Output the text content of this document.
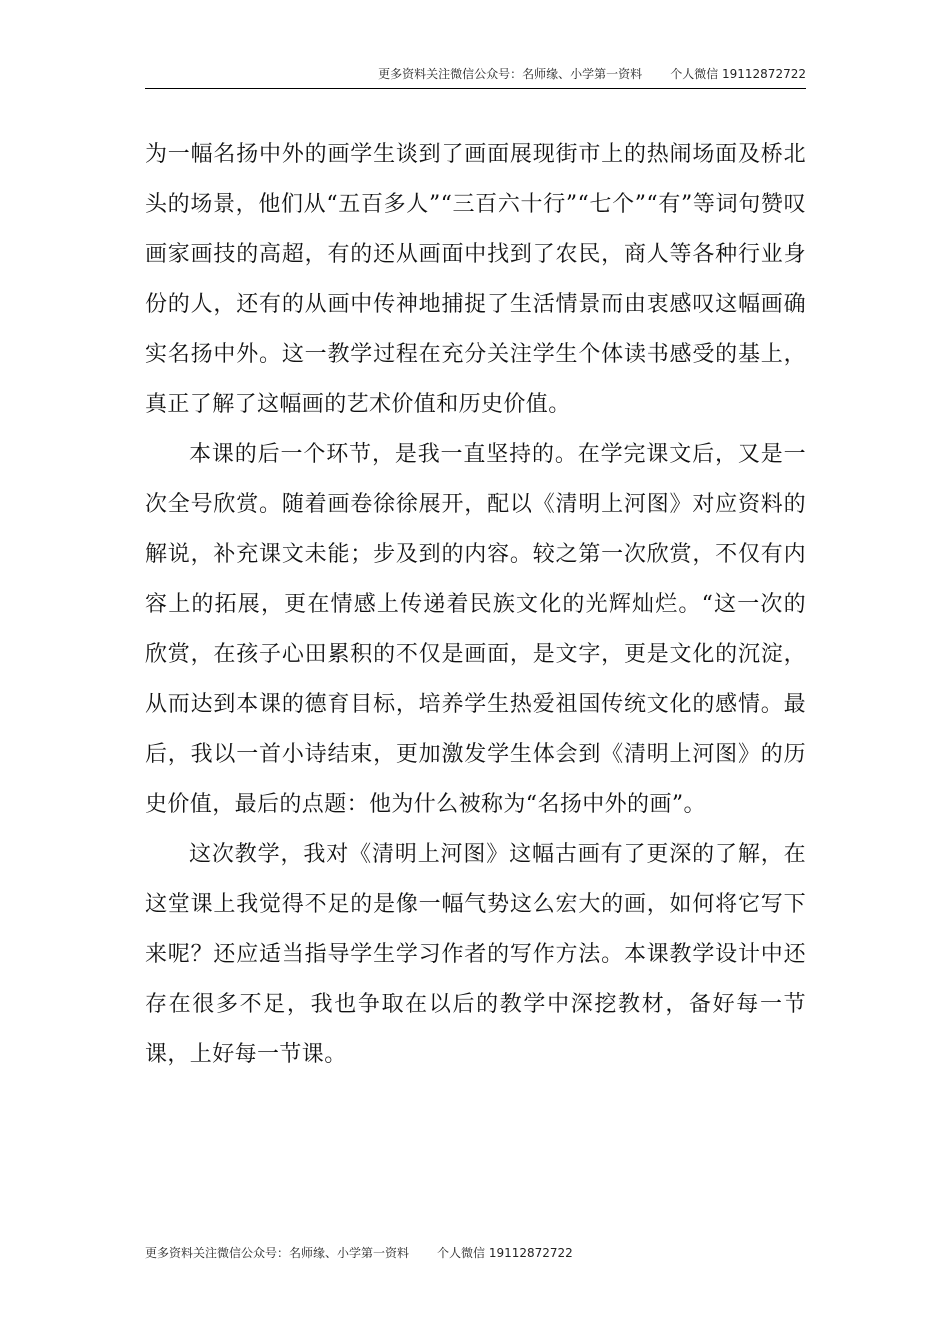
更多资料关注微信公众号：名师缘、小学第一资料 个人微信 19112872722

为一幅名扬中外的画学生谈到了画面展现街市上的热闹场面及桥北头的场景，他们从“五百多人”“三百六十行”“七个”“有”等词句赞叹画家画技的高超，有的还从画面中找到了农民，商人等各种行业身份的人，还有的从画中传神地捕捉了生活情景而由衷感叹这幅画确实名扬中外。这一教学过程在充分关注学生个体读书感受的基上，真正了解了这幅画的艺术价值和历史价值。

本课的后一个环节，是我一直坚持的。在学完课文后，又是一次全号欣赏。随着画卷徐徐展开，配以《清明上河图》对应资料的解说，补充课文未能；步及到的内容。较之第一次欣赏，不仅有内容上的拓展，更在情感上传递着民族文化的光辉灿烂。“这一次的欣赏，在孩子心田累积的不仅是画面，是文字，更是文化的沉淀，从而达到本课的德育目标，培养学生热爱祖国传统文化的感情。最后，我以一首小诗结束，更加激发学生体会到《清明上河图》的历史价值，最后的点题：他为什么被称为“名扬中外的画”。

这次教学，我对《清明上河图》这幅古画有了更深的了解，在这堂课上我觉得不足的是像一幅气势这么宏大的画，如何将它写下来呢？还应适当指导学生学习作者的写作方法。本课教学设计中还存在很多不足，我也争取在以后的教学中深挖教材，备好每一节课，上好每一节课。

更多资料关注微信公众号：名师缘、小学第一资料 个人微信 19112872722
